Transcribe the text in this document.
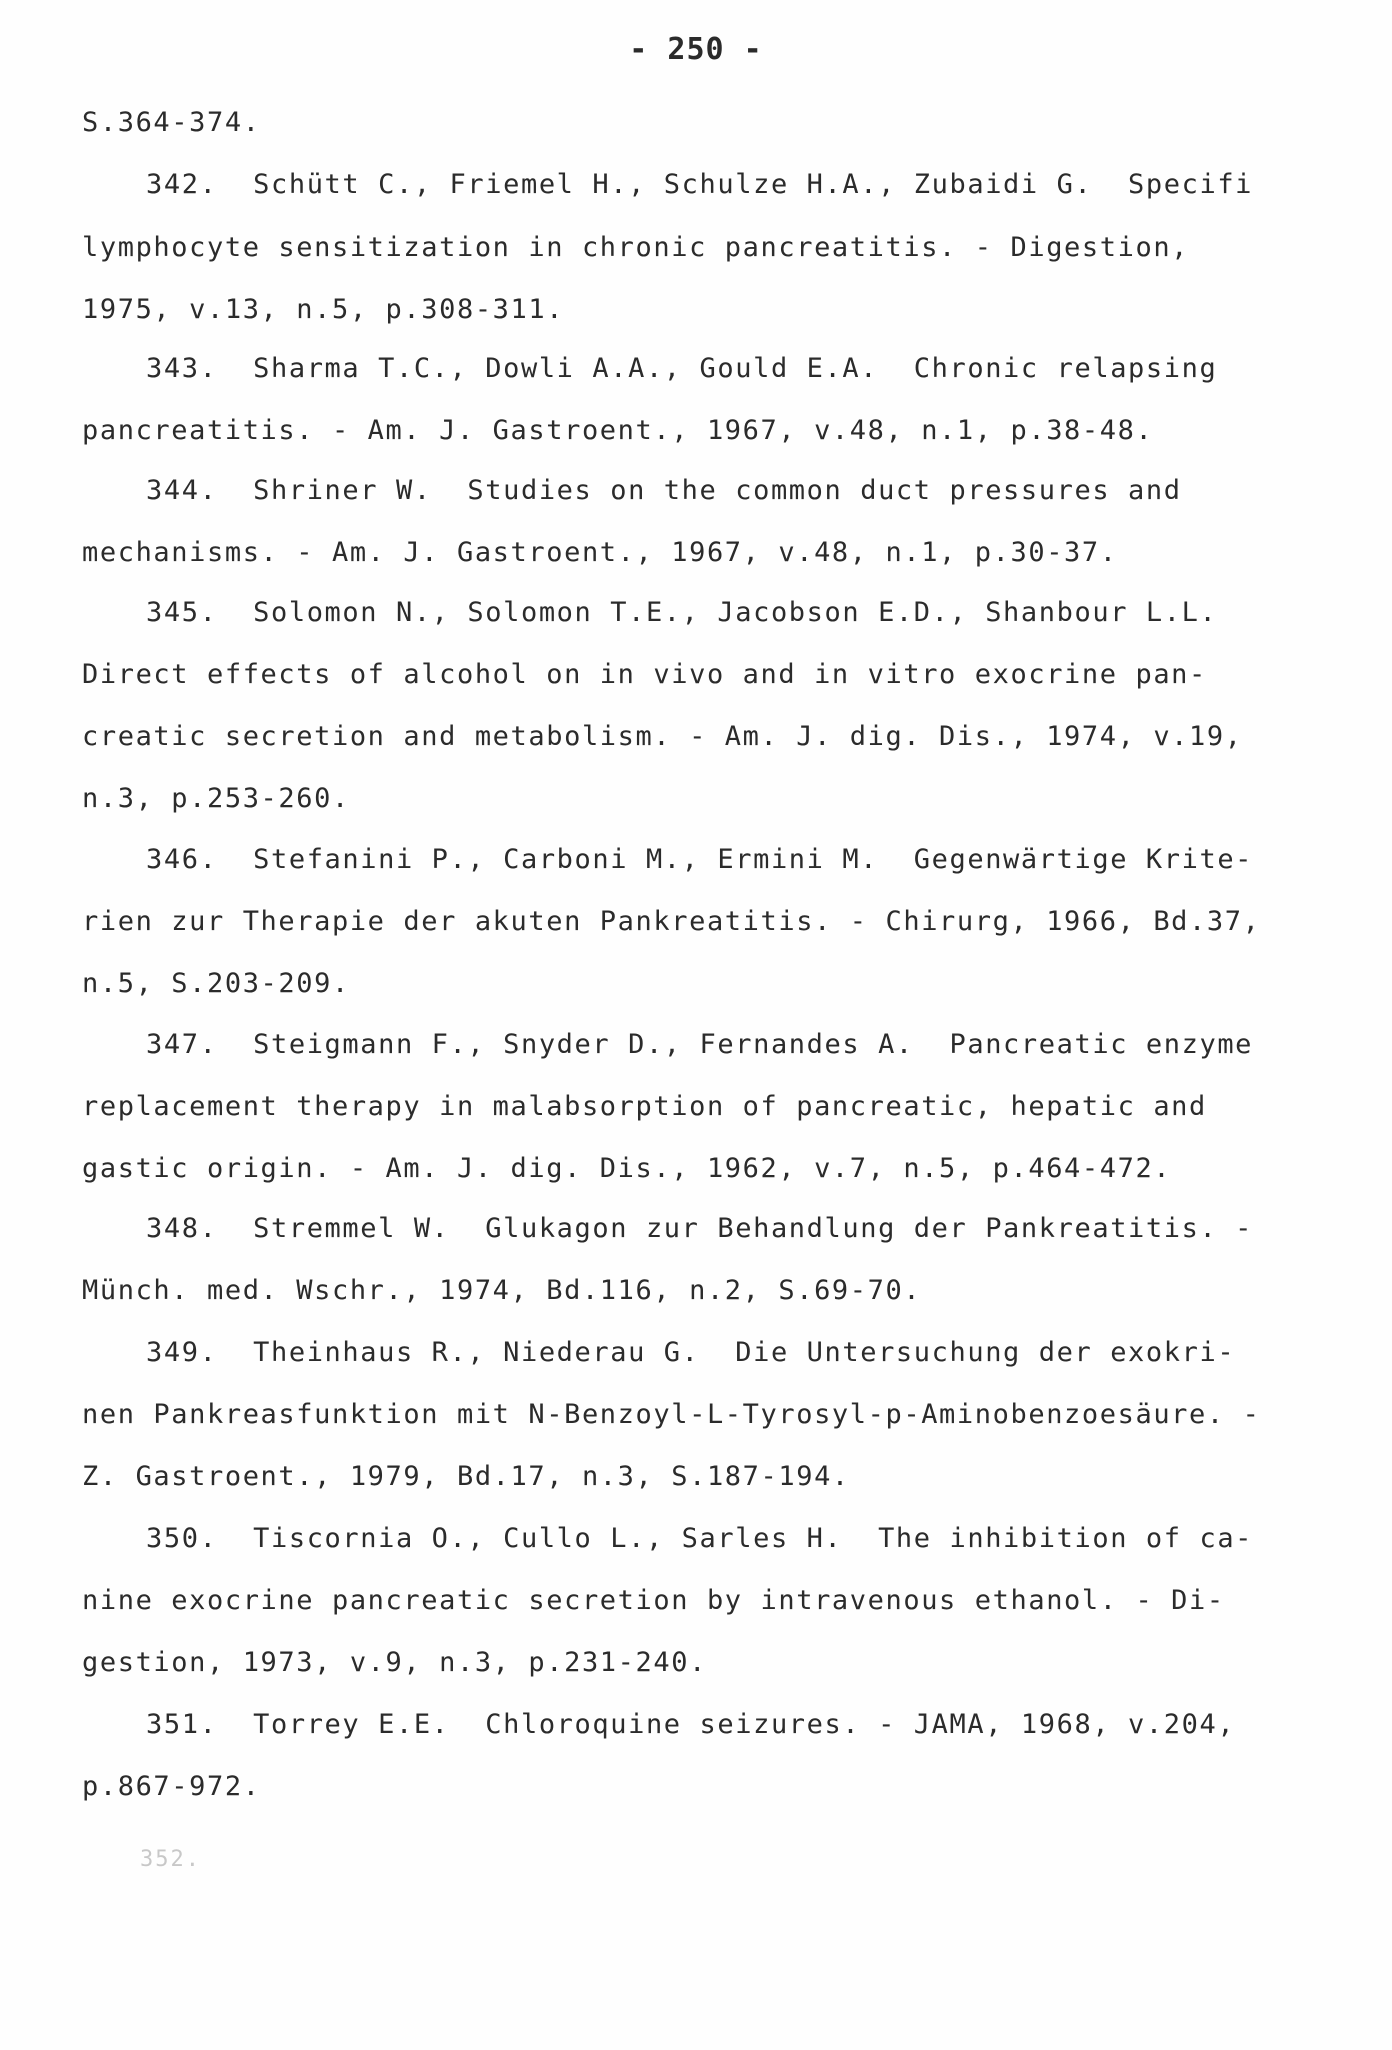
- 250 -
S.364-374.
342.  Schütt C., Friemel H., Schulze H.A., Zubaidi G.  Specifi
lymphocyte sensitization in chronic pancreatitis. - Digestion,
1975, v.13, n.5, p.308-311.
343.  Sharma T.C., Dowli A.A., Gould E.A.  Chronic relapsing
pancreatitis. - Am. J. Gastroent., 1967, v.48, n.1, p.38-48.
344.  Shriner W.  Studies on the common duct pressures and
mechanisms. - Am. J. Gastroent., 1967, v.48, n.1, p.30-37.
345.  Solomon N., Solomon T.E., Jacobson E.D., Shanbour L.L.
Direct effects of alcohol on in vivo and in vitro exocrine pan-
creatic secretion and metabolism. - Am. J. dig. Dis., 1974, v.19,
n.3, p.253-260.
346.  Stefanini P., Carboni M., Ermini M.  Gegenwärtige Krite-
rien zur Therapie der akuten Pankreatitis. - Chirurg, 1966, Bd.37,
n.5, S.203-209.
347.  Steigmann F., Snyder D., Fernandes A.  Pancreatic enzyme
replacement therapy in malabsorption of pancreatic, hepatic and
gastic origin. - Am. J. dig. Dis., 1962, v.7, n.5, p.464-472.
348.  Stremmel W.  Glukagon zur Behandlung der Pankreatitis. -
Münch. med. Wschr., 1974, Bd.116, n.2, S.69-70.
349.  Theinhaus R., Niederau G.  Die Untersuchung der exokri-
nen Pankreasfunktion mit N-Benzoyl-L-Tyrosyl-p-Aminobenzoesäure. -
Z. Gastroent., 1979, Bd.17, n.3, S.187-194.
350.  Tiscornia O., Cullo L., Sarles H.  The inhibition of ca-
nine exocrine pancreatic secretion by intravenous ethanol. - Di-
gestion, 1973, v.9, n.3, p.231-240.
351.  Torrey E.E.  Chloroquine seizures. - JAMA, 1968, v.204,
p.867-972.
352.
